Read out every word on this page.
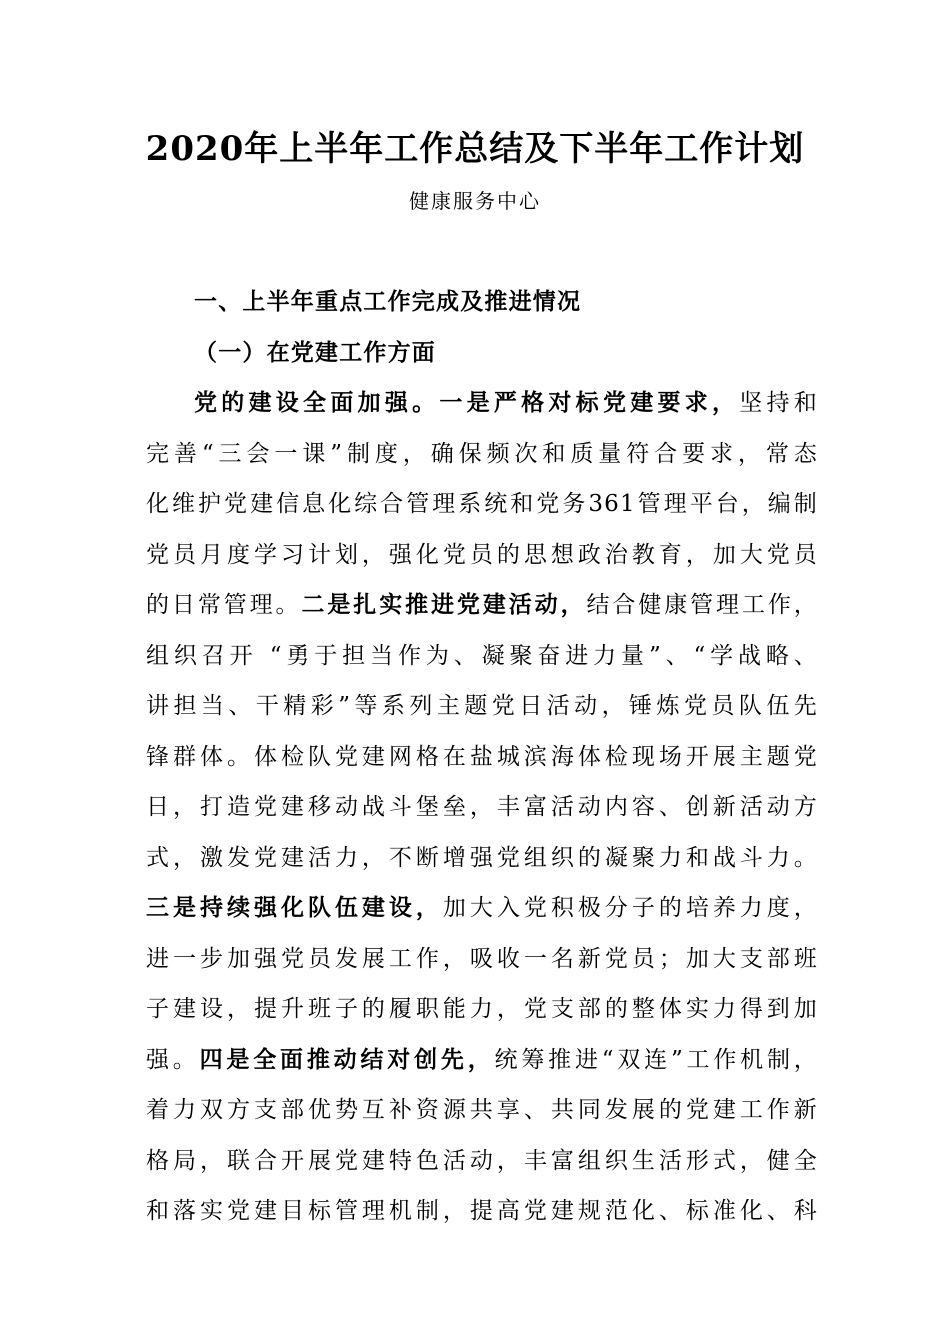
2020年上半年工作总结及下半年工作计划
健康服务中心
一、上半年重点工作完成及推进情况
（一）在党建工作方面
党的建设全面加强。一是严格对标党建要求，坚持和
完善“三会一课”制度，确保频次和质量符合要求，常态
化维护党建信息化综合管理系统和党务361管理平台，编制
党员月度学习计划，强化党员的思想政治教育，加大党员
的日常管理。二是扎实推进党建活动，结合健康管理工作，
组织召开 “勇于担当作为、凝聚奋进力量”、“学战略、
讲担当、干精彩”等系列主题党日活动，锤炼党员队伍先
锋群体。体检队党建网格在盐城滨海体检现场开展主题党
日，打造党建移动战斗堡垒，丰富活动内容、创新活动方
式，激发党建活力，不断增强党组织的凝聚力和战斗力。
三是持续强化队伍建设，加大入党积极分子的培养力度，
进一步加强党员发展工作，吸收一名新党员；加大支部班
子建设，提升班子的履职能力，党支部的整体实力得到加
强。四是全面推动结对创先，统筹推进“双连”工作机制，
着力双方支部优势互补资源共享、共同发展的党建工作新
格局，联合开展党建特色活动，丰富组织生活形式，健全
和落实党建目标管理机制，提高党建规范化、标准化、科
